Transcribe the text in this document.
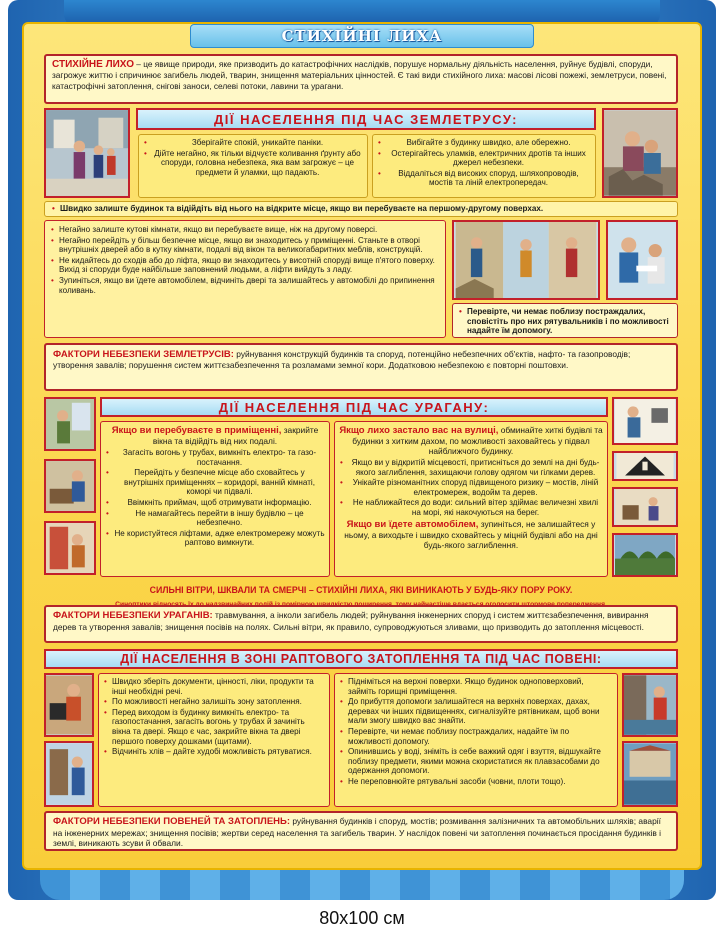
СТИХІЙНІ ЛИХА

СТИХІЙНЕ ЛИХО – це явище природи, яке призводить до катастрофічних наслідків, порушує нормальну діяльність населення, руйнує будівлі, споруди, загрожує життю і спричинює загибель людей, тварин, знищення матеріальних цінностей. Є такі види стихійного лиха: масові лісові пожежі, землетруси, повені, катастрофічні затоплення, снігові заноси, селеві потоки, лавини та урагани.

ДІЇ НАСЕЛЕННЯ ПІД ЧАС ЗЕМЛЕТРУСУ:
• Зберігайте спокій, уникайте паніки.
• Дійте негайно, як тільки відчуєте коливання ґрунту або споруди, головна небезпека, яка вам загрожує – це предмети й уламки, що падають.
• Вибігайте з будинку швидко, але обережно.
• Остерігайтесь уламків, електричних дротів та інших джерел небезпеки.
• Віддаліться від високих споруд, шляхопроводів, мостів та ліній електропередач.
• Швидко залиште будинок та відійдіть від нього на відкрите місце, якщо ви перебуваєте на першому-другому поверхах.
• Негайно залиште кутові кімнати, якщо ви перебуваєте вище, ніж на другому поверсі.
• Негайно перейдіть у більш безпечне місце, якщо ви знаходитесь у приміщенні. Станьте в отворі внутрішніх дверей або в кутку кімнати, подалі від вікон та великогабаритних меблів, конструкцій.
• Не кидайтесь до сходів або до ліфта, якщо ви знаходитесь у висотній споруді вище п'ятого поверху. Вихід зі споруди буде найбільше заповнений людьми, а ліфти вийдуть з ладу.
• Зупиніться, якщо ви їдете автомобілем, відчиніть двері та залишайтесь у автомобілі до припинення коливань.
• Перевірте, чи немає поблизу постраждалих, сповістіть про них рятувальників і по можливості надайте їм допомогу.

ФАКТОРИ НЕБЕЗПЕКИ ЗЕМЛЕТРУСІВ: руйнування конструкцій будинків та споруд, потенційно небезпечних об'єктів, нафто- та газопроводів; утворення завалів; порушення систем життєзабезпечення та розламами земної кори. Додатковою небезпекою є повторні поштовхи.

ДІЇ НАСЕЛЕННЯ ПІД ЧАС УРАГАНУ:

Якщо ви перебуваєте в приміщенні, закрийте вікна та відійдіть від них подалі.

• Загасіть вогонь у трубах, вимкніть електро- та газо- постачання.
• Перейдіть у безпечне місце або сховайтесь у внутрішніх приміщеннях – коридорі, ванній кімнаті, коморі чи підвалі.
• Ввімкніть приймач, щоб отримувати інформацію.
• Не намагайтесь перейти в іншу будівлю – це небезпечно.
• Не користуйтеся ліфтами, адже електромережу можуть раптово вимкнути.

Якщо лихо застало вас на вулиці, обминайте хиткі будівлі та будинки з хитким дахом, по можливості заховайтесь у підвал найближчого будинку.

• Якщо ви у відкритій місцевості, притисніться до землі на дні будь-якого заглиблення, захищаючи голову одягом чи гілками дерев.
• Унікайте різноманітних споруд підвищеного ризику – мостів, ліній електромереж, водойм та дерев.
• Не наближайтеся до води: сильний вітер здіймає величезні хвилі на морі, які накочуються на берег.

Якщо ви їдете автомобілем, зупиніться, не залишайтеся у ньому, а виходьте і швидко сховайтесь у міцній будівлі або на дні будь-якого заглиблення.

СИЛЬНІ ВІТРИ, ШКВАЛИ ТА СМЕРЧІ – СТИХІЙНІ ЛИХА, ЯКІ ВИНИКАЮТЬ У БУДЬ-ЯКУ ПОРУ РОКУ.

ФАКТОРИ НЕБЕЗПЕКИ УРАГАНІВ: травмування, а інколи загибель людей; руйнування інженерних споруд і систем життєзабезпечення, вивирання дерев та утворення завалів; знищення посівів на полях. Сильні вітри, як правило, супроводжуються зливами, що призводить до затоплення місцевості.

ДІЇ НАСЕЛЕННЯ В ЗОНІ РАПТОВОГО ЗАТОПЛЕННЯ ТА ПІД ЧАС ПОВЕНІ:
• Швидко зберіть документи, цінності, ліки, продукти та інші необхідні речі.
• По можливості негайно залишіть зону затоплення.
• Перед виходом із будинку вимкніть електро- та газопостачання, загасіть вогонь у трубах й зачиніть вікна та двері. Якщо є час, закрийте вікна та двері першого поверху дошками (щитами).
• Відчиніть хлів – дайте худобі можливість рятуватися.
• Підніміться на верхні поверхи. Якщо будинок одноповерховий, займіть горищні приміщення.
• До прибуття допомоги залишайтеся на верхніх поверхах, дахах, деревах чи інших підвищеннях, сигналізуйте рятівникам, щоб вони мали змогу швидко вас знайти.
• Перевірте, чи немає поблизу постраждалих, надайте їм по можливості допомогу.
• Опинившись у воді, зніміть із себе важкий одяг і взуття, відшукайте поблизу предмети, якими можна скористатися як плавзасобами до одержання допомоги.
• Не переповнюйте рятувальні засоби (човни, плоти тощо).

ФАКТОРИ НЕБЕЗПЕКИ ПОВЕНЕЙ ТА ЗАТОПЛЕНЬ: руйнування будинків і споруд, мостів; розмивання залізничних та автомобільних шляхів; аварії на інженерних мережах; знищення посівів; жертви серед населення та загибель тварин. У наслідок повені чи затоплення починається просідання будинків і землі, виникають зсуви й обвали.

80х100 см
